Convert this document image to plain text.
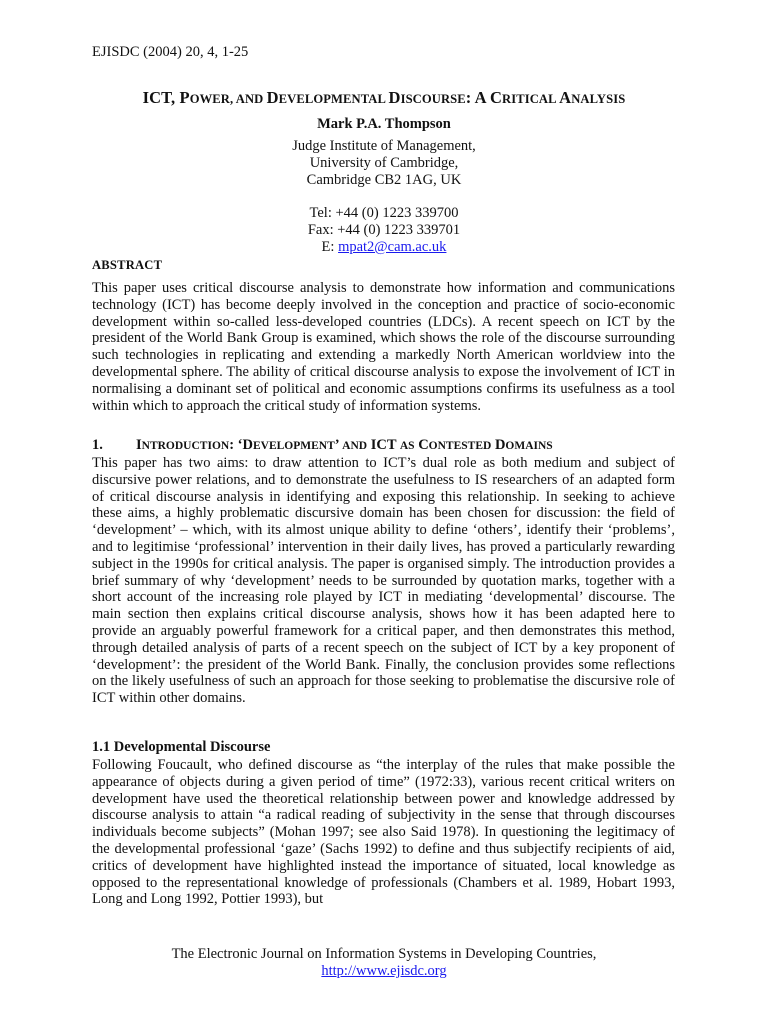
EJISDC (2004) 20, 4, 1-25
ICT, POWER, AND DEVELOPMENTAL DISCOURSE: A CRITICAL ANALYSIS
Mark P.A. Thompson
Judge Institute of Management,
University of Cambridge,
Cambridge CB2 1AG, UK
Tel: +44 (0) 1223 339700
Fax: +44 (0) 1223 339701
E: mpat2@cam.ac.uk
ABSTRACT
This paper uses critical discourse analysis to demonstrate how information and communications technology (ICT) has become deeply involved in the conception and practice of socio-economic development within so-called less-developed countries (LDCs). A recent speech on ICT by the president of the World Bank Group is examined, which shows the role of the discourse surrounding such technologies in replicating and extending a markedly North American worldview into the developmental sphere. The ability of critical discourse analysis to expose the involvement of ICT in normalising a dominant set of political and economic assumptions confirms its usefulness as a tool within which to approach the critical study of information systems.
1. INTRODUCTION: ‘DEVELOPMENT’ AND ICT AS CONTESTED DOMAINS
This paper has two aims: to draw attention to ICT’s dual role as both medium and subject of discursive power relations, and to demonstrate the usefulness to IS researchers of an adapted form of critical discourse analysis in identifying and exposing this relationship. In seeking to achieve these aims, a highly problematic discursive domain has been chosen for discussion: the field of ‘development’ – which, with its almost unique ability to define ‘others’, identify their ‘problems’, and to legitimise ‘professional’ intervention in their daily lives, has proved a particularly rewarding subject in the 1990s for critical analysis. The paper is organised simply. The introduction provides a brief summary of why ‘development’ needs to be surrounded by quotation marks, together with a short account of the increasing role played by ICT in mediating ‘developmental’ discourse. The main section then explains critical discourse analysis, shows how it has been adapted here to provide an arguably powerful framework for a critical paper, and then demonstrates this method, through detailed analysis of parts of a recent speech on the subject of ICT by a key proponent of ‘development’: the president of the World Bank. Finally, the conclusion provides some reflections on the likely usefulness of such an approach for those seeking to problematise the discursive role of ICT within other domains.
1.1 Developmental Discourse
Following Foucault, who defined discourse as “the interplay of the rules that make possible the appearance of objects during a given period of time” (1972:33), various recent critical writers on development have used the theoretical relationship between power and knowledge addressed by discourse analysis to attain “a radical reading of subjectivity in the sense that through discourses individuals become subjects” (Mohan 1997; see also Said 1978). In questioning the legitimacy of the developmental professional ‘gaze’ (Sachs 1992) to define and thus subjectify recipients of aid, critics of development have highlighted instead the importance of situated, local knowledge as opposed to the representational knowledge of professionals (Chambers et al. 1989, Hobart 1993, Long and Long 1992, Pottier 1993), but
The Electronic Journal on Information Systems in Developing Countries,
http://www.ejisdc.org
